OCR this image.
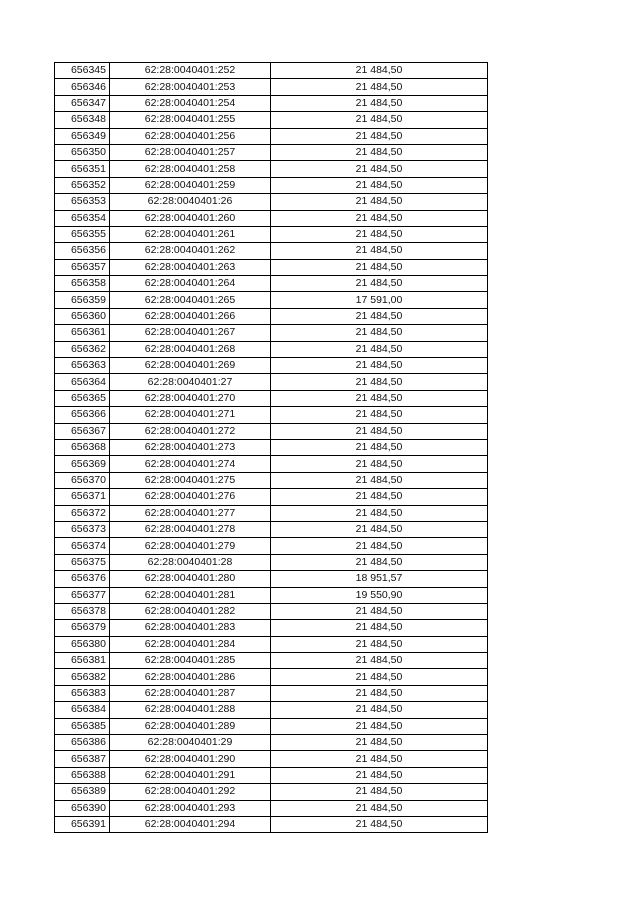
656345	62:28:0040401:252	21 484,50
656346	62:28:0040401:253	21 484,50
656347	62:28:0040401:254	21 484,50
656348	62:28:0040401:255	21 484,50
656349	62:28:0040401:256	21 484,50
656350	62:28:0040401:257	21 484,50
656351	62:28:0040401:258	21 484,50
656352	62:28:0040401:259	21 484,50
656353	62:28:0040401:26	21 484,50
656354	62:28:0040401:260	21 484,50
656355	62:28:0040401:261	21 484,50
656356	62:28:0040401:262	21 484,50
656357	62:28:0040401:263	21 484,50
656358	62:28:0040401:264	21 484,50
656359	62:28:0040401:265	17 591,00
656360	62:28:0040401:266	21 484,50
656361	62:28:0040401:267	21 484,50
656362	62:28:0040401:268	21 484,50
656363	62:28:0040401:269	21 484,50
656364	62:28:0040401:27	21 484,50
656365	62:28:0040401:270	21 484,50
656366	62:28:0040401:271	21 484,50
656367	62:28:0040401:272	21 484,50
656368	62:28:0040401:273	21 484,50
656369	62:28:0040401:274	21 484,50
656370	62:28:0040401:275	21 484,50
656371	62:28:0040401:276	21 484,50
656372	62:28:0040401:277	21 484,50
656373	62:28:0040401:278	21 484,50
656374	62:28:0040401:279	21 484,50
656375	62:28:0040401:28	21 484,50
656376	62:28:0040401:280	18 951,57
656377	62:28:0040401:281	19 550,90
656378	62:28:0040401:282	21 484,50
656379	62:28:0040401:283	21 484,50
656380	62:28:0040401:284	21 484,50
656381	62:28:0040401:285	21 484,50
656382	62:28:0040401:286	21 484,50
656383	62:28:0040401:287	21 484,50
656384	62:28:0040401:288	21 484,50
656385	62:28:0040401:289	21 484,50
656386	62:28:0040401:29	21 484,50
656387	62:28:0040401:290	21 484,50
656388	62:28:0040401:291	21 484,50
656389	62:28:0040401:292	21 484,50
656390	62:28:0040401:293	21 484,50
656391	62:28:0040401:294	21 484,50
